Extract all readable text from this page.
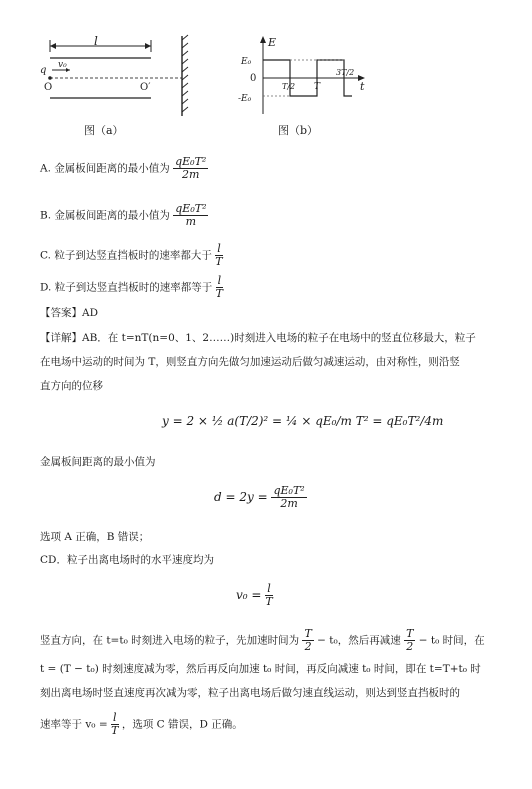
l
q v₀
O	O′
图（a）
E
t
E₀
0
-E₀
T/2 T
3T/2
图（b）
A. 金属板间距离的最小值为 $\frac{\text{qE₀T²}}{2m}$
B. 金属板间距离的最小值为 $\frac{\text{qE₀T²}}{m}$
C. 粒子到达竖直挡板时的速率都大于 $\frac{l}{T}$
D. 粒子到达竖直挡板时的速率都等于 $\frac{l}{T}$
【答案】AD
【详解】AB．在 t=nT(n=0、1、2……)时刻进入电场的粒子在电场中的竖直位移最大，粒子
在电场中运动的时间为 T，则竖直方向先做匀加速运动后做匀减速运动，由对称性，则沿竖
直方向的位移
y = 2 × ½ a(T/2)² = ¼ × qE₀/m T² = qE₀T²/4m
金属板间距离的最小值为
$d = 2y = \frac{\text{qE₀T²}}{2m}$
选项 A 正确，B 错误；
CD．粒子出离电场时的水平速度均为
$v_0 = \frac{l}{T}$
竖直方向，在 t=t₀ 时刻进入电场的粒子，先加速时间为 $\frac{T}{2} - t_0$，然后再减速 $\frac{T}{2} - t_0$ 时间，在
t = (T − t₀) 时刻速度减为零，然后再反向加速 t₀ 时间，再反向减速 t₀ 时间，即在 t=T+t₀ 时
刻出离电场时竖直速度再次减为零，粒子出离电场后做匀速直线运动，则达到竖直挡板时的
速率等于 $v_0 = \frac{l}{T}$ ，选项 C 错误，D 正确。
